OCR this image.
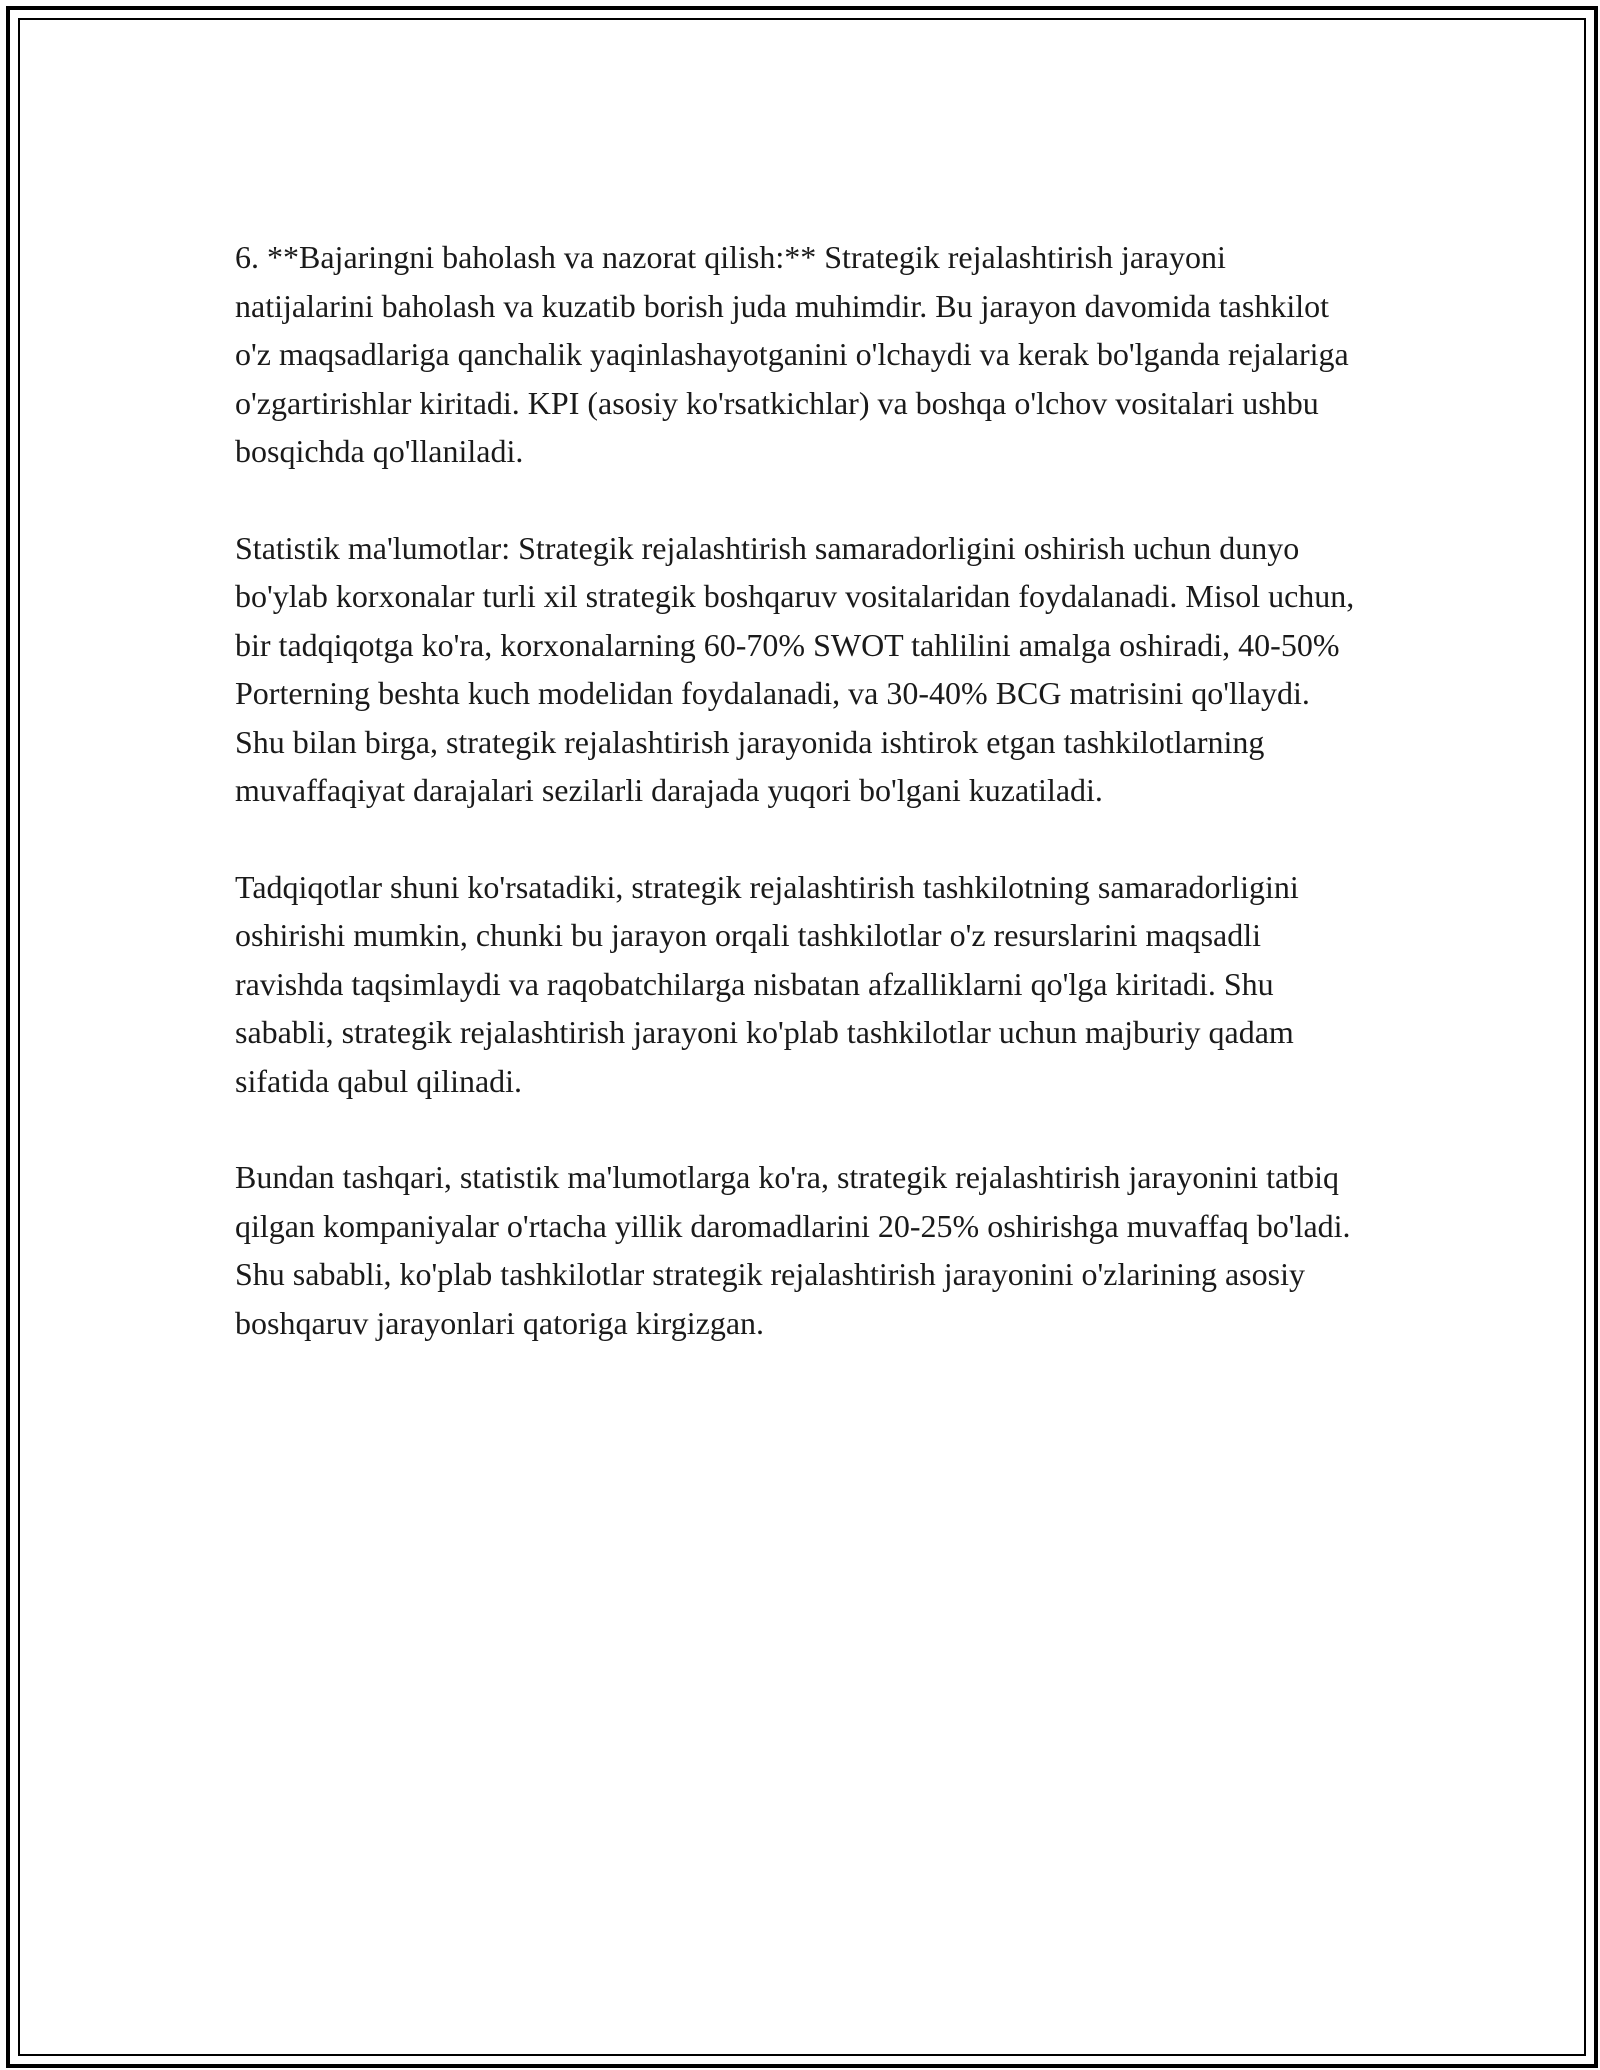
6. **Bajaringni baholash va nazorat qilish:** Strategik rejalashtirish jarayoni natijalarini baholash va kuzatib borish juda muhimdir. Bu jarayon davomida tashkilot o'z maqsadlariga qanchalik yaqinlashayotganini o'lchaydi va kerak bo'lganda rejalariga o'zgartirishlar kiritadi. KPI (asosiy ko'rsatkichlar) va boshqa o'lchov vositalari ushbu bosqichda qo'llaniladi.

Statistik ma'lumotlar: Strategik rejalashtirish samaradorligini oshirish uchun dunyo bo'ylab korxonalar turli xil strategik boshqaruv vositalaridan foydalanadi. Misol uchun, bir tadqiqotga ko'ra, korxonalarning 60-70% SWOT tahlilini amalga oshiradi, 40-50% Porterning beshta kuch modelidan foydalanadi, va 30-40% BCG matrisini qo'llaydi. Shu bilan birga, strategik rejalashtirish jarayonida ishtirok etgan tashkilotlarning muvaffaqiyat darajalari sezilarli darajada yuqori bo'lgani kuzatiladi.

Tadqiqotlar shuni ko'rsatadiki, strategik rejalashtirish tashkilotning samaradorligini oshirishi mumkin, chunki bu jarayon orqali tashkilotlar o'z resurslarini maqsadli ravishda taqsimlaydi va raqobatchilarga nisbatan afzalliklarni qo'lga kiritadi. Shu sababli, strategik rejalashtirish jarayoni ko'plab tashkilotlar uchun majburiy qadam sifatida qabul qilinadi.

Bundan tashqari, statistik ma'lumotlarga ko'ra, strategik rejalashtirish jarayonini tatbiq qilgan kompaniyalar o'rtacha yillik daromadlarini 20-25% oshirishga muvaffaq bo'ladi. Shu sababli, ko'plab tashkilotlar strategik rejalashtirish jarayonini o'zlarining asosiy boshqaruv jarayonlari qatoriga kirgizgan.
